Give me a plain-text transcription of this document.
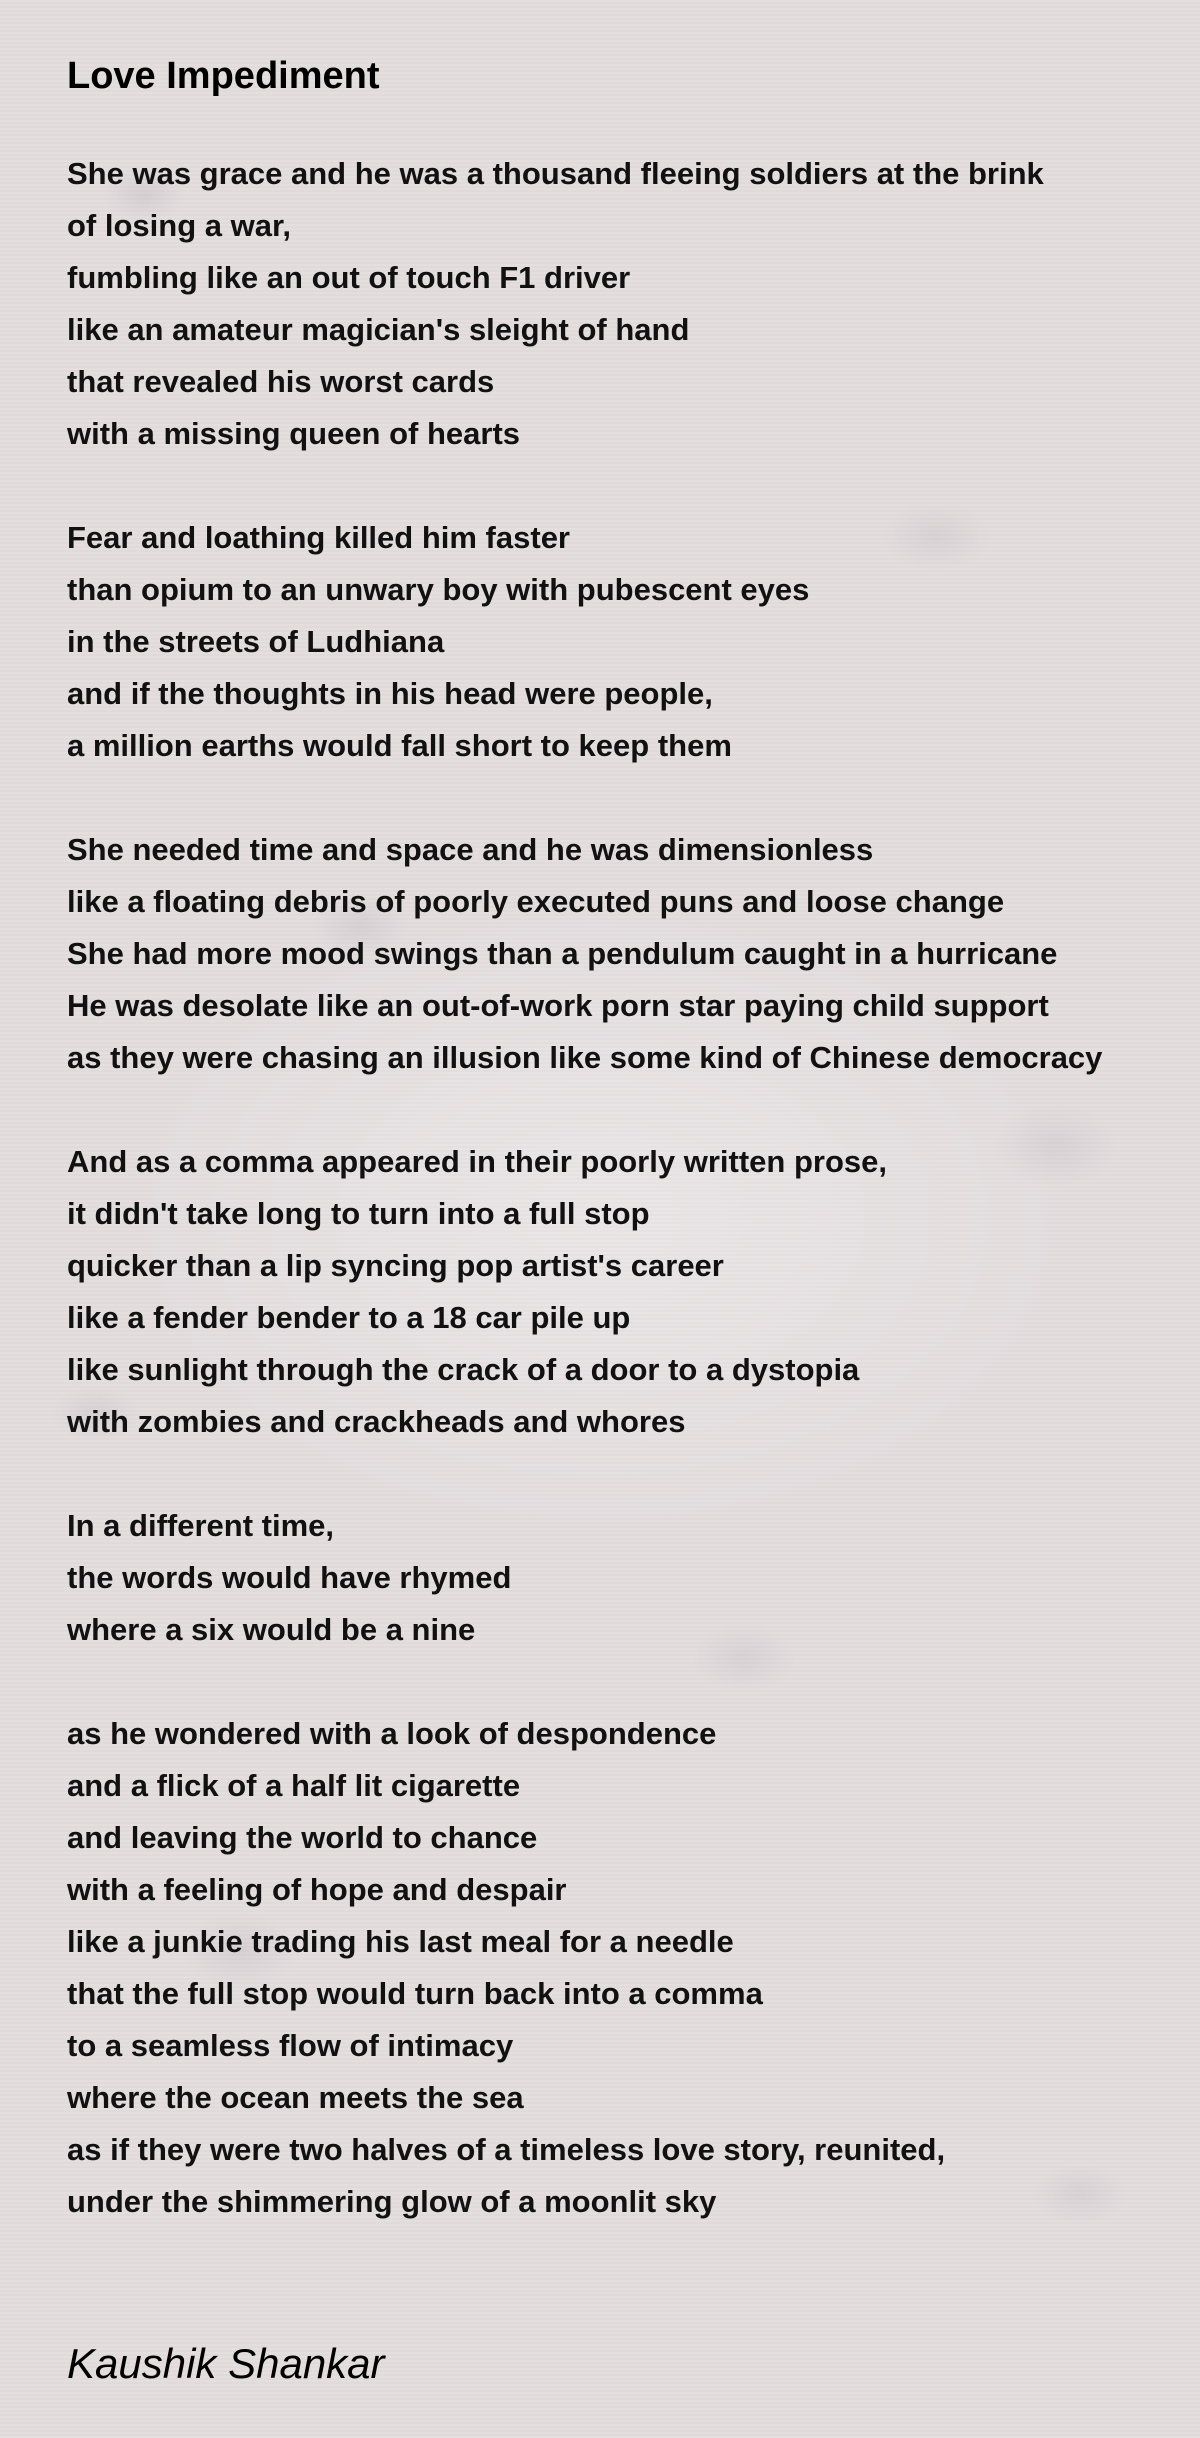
Love Impediment
She was grace and he was a thousand fleeing soldiers at the brink
of losing a war,
fumbling like an out of touch F1 driver
like an amateur magician's sleight of hand
that revealed his worst cards
with a missing queen of hearts
Fear and loathing killed him faster
than opium to an unwary boy with pubescent eyes
in the streets of Ludhiana
and if the thoughts in his head were people,
a million earths would fall short to keep them
She needed time and space and he was dimensionless
like a floating debris of poorly executed puns and loose change
She had more mood swings than a pendulum caught in a hurricane
He was desolate like an out-of-work porn star paying child support
as they were chasing an illusion like some kind of Chinese democracy
And as a comma appeared in their poorly written prose,
it didn't take long to turn into a full stop
quicker than a lip syncing pop artist's career
like a fender bender to a 18 car pile up
like sunlight through the crack of a door to a dystopia
with zombies and crackheads and whores
In a different time,
the words would have rhymed
where a six would be a nine
as he wondered with a look of despondence
and a flick of a half lit cigarette
and leaving the world to chance
with a feeling of hope and despair
like a junkie trading his last meal for a needle
that the full stop would turn back into a comma
to a seamless flow of intimacy
where the ocean meets the sea
as if they were two halves of a timeless love story, reunited,
under the shimmering glow of a moonlit sky
Kaushik Shankar
